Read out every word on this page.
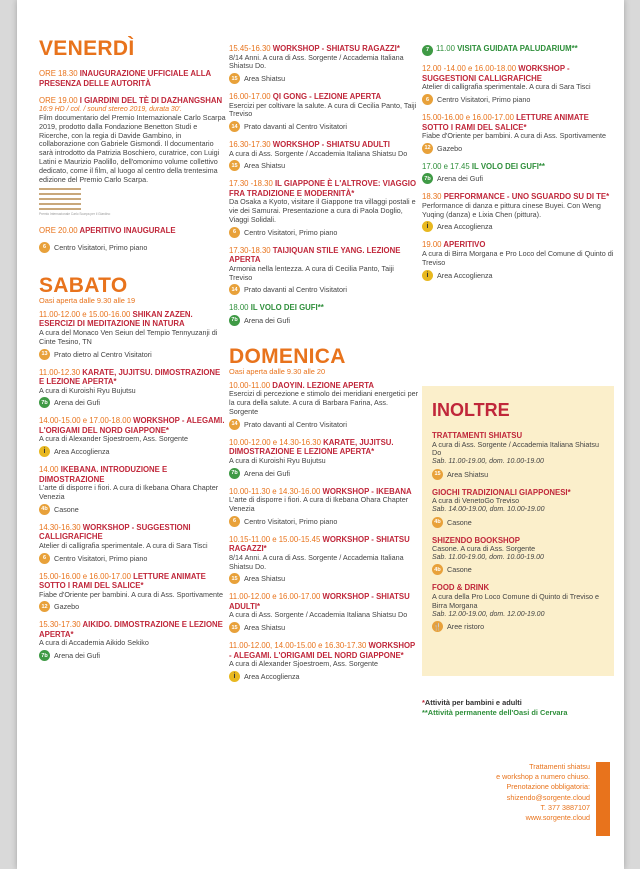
VENERDÌ
ORE 18.30 INAUGURAZIONE UFFICIALE ALLA PRESENZA DELLE AUTORITÀ
ORE 19.00 I GIARDINI DEL TÈ DI DAZHANGSHAN
16:9 HD / col. / sound stereo 2019, durata 30'.
Film documentario del Premio Internazionale Carlo Scarpa 2019, prodotto dalla Fondazione Benetton Studi e Ricerche, con la regia di Davide Gambino, in collaborazione con Gabriele Gismondi. Il documentario sarà introdotto da Patrizia Boschiero, curatrice, con Luigi Latini e Maurizio Paolillo, dell'omonimo volume collettivo dedicato, come il film, al luogo al centro della trentesima edizione del Premio Carlo Scarpa.
Premio Internazionale Carlo Scarpa per il Giardino
ORE 20.00 APERITIVO INAUGURALE
6	Centro Visitatori, Primo piano
SABATO
Oasi aperta dalle 9.30 alle 19
11.00-12.00 e 15.00-16.00 SHIKAN ZAZEN. ESERCIZI DI MEDITAZIONE IN NATURA
A cura del Monaco Ven Seiun del Tempio Tennyuzanji di Cinte Tesino, TN
13 Prato dietro al Centro Visitatori
11.00-12.30 KARATE, JUJITSU. DIMOSTRAZIONE E LEZIONE APERTA*
A cura di Kuroishi Ryu Bujutsu
7b Arena dei Gufi
14.00-15.00 e 17.00-18.00 WORKSHOP - ALEGAMI. L'ORIGAMI DEL NORD GIAPPONE*
A cura di Alexander Sjoestroem, Ass. Sorgente
i	Area Accoglienza
14.00 IKEBANA. INTRODUZIONE E DIMOSTRAZIONE
L'arte di disporre i fiori. A cura di Ikebana Ohara Chapter Venezia
4b Casone
14.30-16.30 WORKSHOP - SUGGESTIONI CALLIGRAFICHE
Atelier di calligrafia sperimentale. A cura di Sara Tisci
6	Centro Visitatori, Primo piano
15.00-16.00 e 16.00-17.00 LETTURE ANIMATE SOTTO I RAMI DEL SALICE*
Fiabe d'Oriente per bambini. A cura di Ass. Sportivamente
12 Gazebo
15.30-17.30 AIKIDO. DIMOSTRAZIONE E LEZIONE APERTA*
A cura di Accademia Aikido Sekiko
7b Arena dei Gufi
15.45-16.30 WORKSHOP - SHIATSU RAGAZZI*
8/14 Anni. A cura di Ass. Sorgente / Accademia Italiana Shiatsu Do.
15 Area Shiatsu
16.00-17.00 QI GONG - LEZIONE APERTA
Esercizi per coltivare la salute. A cura di Cecilia Panto, Taiji Treviso
14 Prato davanti al Centro Visitatori
16.30-17.30 WORKSHOP - SHIATSU ADULTI
A cura di Ass. Sorgente / Accademia Italiana Shiatsu Do
15 Area Shiatsu
17.30 -18.30 IL GIAPPONE È L'ALTROVE: VIAGGIO FRA TRADIZIONE E MODERNITÀ*
Da Osaka a Kyoto, visitare il Giappone tra villaggi postali e vie dei Samurai. Presentazione a cura di Paola Doglio, Viaggi Solidali.
6	Centro Visitatori, Primo piano
17.30-18.30 TAIJIQUAN STILE YANG. LEZIONE APERTA
Armonia nella lentezza. A cura di Cecilia Panto, Taiji Treviso
14 Prato davanti al Centro Visitatori
18.00 IL VOLO DEI GUFI**
7b Arena dei Gufi
DOMENICA
Oasi aperta dalle 9.30 alle 20
10.00-11.00 DAOYIN. LEZIONE APERTA
Esercizi di percezione e stimolo dei meridiani energetici per la cura della salute. A cura di Barbara Farina, Ass. Sorgente
14 Prato davanti al Centro Visitatori
10.00-12.00 e 14.30-16.30 KARATE, JUJITSU. DIMOSTRAZIONE E LEZIONE APERTA*
A cura di Kuroishi Ryu Bujutsu
7b Arena dei Gufi
10.00-11.30 e 14.30-16.00 WORKSHOP - IKEBANA
L'arte di disporre i fiori. A cura di Ikebana Ohara Chapter Venezia
6	Centro Visitatori, Primo piano
10.15-11.00 e 15.00-15.45 WORKSHOP - SHIATSU RAGAZZI*
8/14 Anni. A cura di Ass. Sorgente / Accademia Italiana Shiatsu Do.
15 Area Shiatsu
11.00-12.00 e 16.00-17.00 WORKSHOP - SHIATSU ADULTI*
A cura di Ass. Sorgente / Accademia Italiana Shiatsu Do
15 Area Shiatsu
11.00-12.00, 14.00-15.00 e 16.30-17.30 WORKSHOP - ALEGAMI. L'ORIGAMI DEL NORD GIAPPONE*
A cura di Alexander Sjoestroem, Ass. Sorgente
i	Area Accoglienza
7 11.00 VISITA GUIDATA PALUDARIUM**
12.00 -14.00 e 16.00-18.00 WORKSHOP - SUGGESTIONI CALLIGRAFICHE
Atelier di calligrafia sperimentale. A cura di Sara Tisci
6	Centro Visitatori, Primo piano
15.00-16.00 e 16.00-17.00 LETTURE ANIMATE SOTTO I RAMI DEL SALICE*
Fiabe d'Oriente per bambini. A cura di Ass. Sportivamente
12 Gazebo
17.00 e 17.45 IL VOLO DEI GUFI**
7b Arena dei Gufi
18.30 PERFORMANCE - UNO SGUARDO SU DI TE*
Performance di danza e pittura cinese Buyei. Con Weng Yuqing (danza) e Lixia Chen (pittura).
i	Area Accoglienza
19.00 APERITIVO
A cura di Birra Morgana e Pro Loco del Comune di Quinto di Treviso
i	Area Accoglienza
INOLTRE
TRATTAMENTI SHIATSU
A cura di Ass. Sorgente / Accademia Italiana Shiatsu Do
Sab. 11.00-19.00, dom. 10.00-19.00
15 Area Shiatsu
GIOCHI TRADIZIONALI GIAPPONESI*
A cura di VenetoGo Treviso
Sab. 14.00-19.00, dom. 10.00-19.00
4b Casone
SHIZENDO BOOKSHOP
Casone. A cura di Ass. Sorgente
Sab. 11.00-19.00, dom. 10.00-19.00
4b Casone
FOOD & DRINK
A cura della Pro Loco Comune di Quinto di Treviso e Birra Morgana
Sab. 12.00-19.00, dom. 12.00-19.00
🍴 Aree ristoro
*Attività per bambini e adulti
**Attività permanente dell'Oasi di Cervara
Trattamenti shiatsu
e workshop a numero chiuso.
Prenotazione obbligatoria:
shizendo@sorgente.cloud
T. 377 3887107
www.sorgente.cloud
